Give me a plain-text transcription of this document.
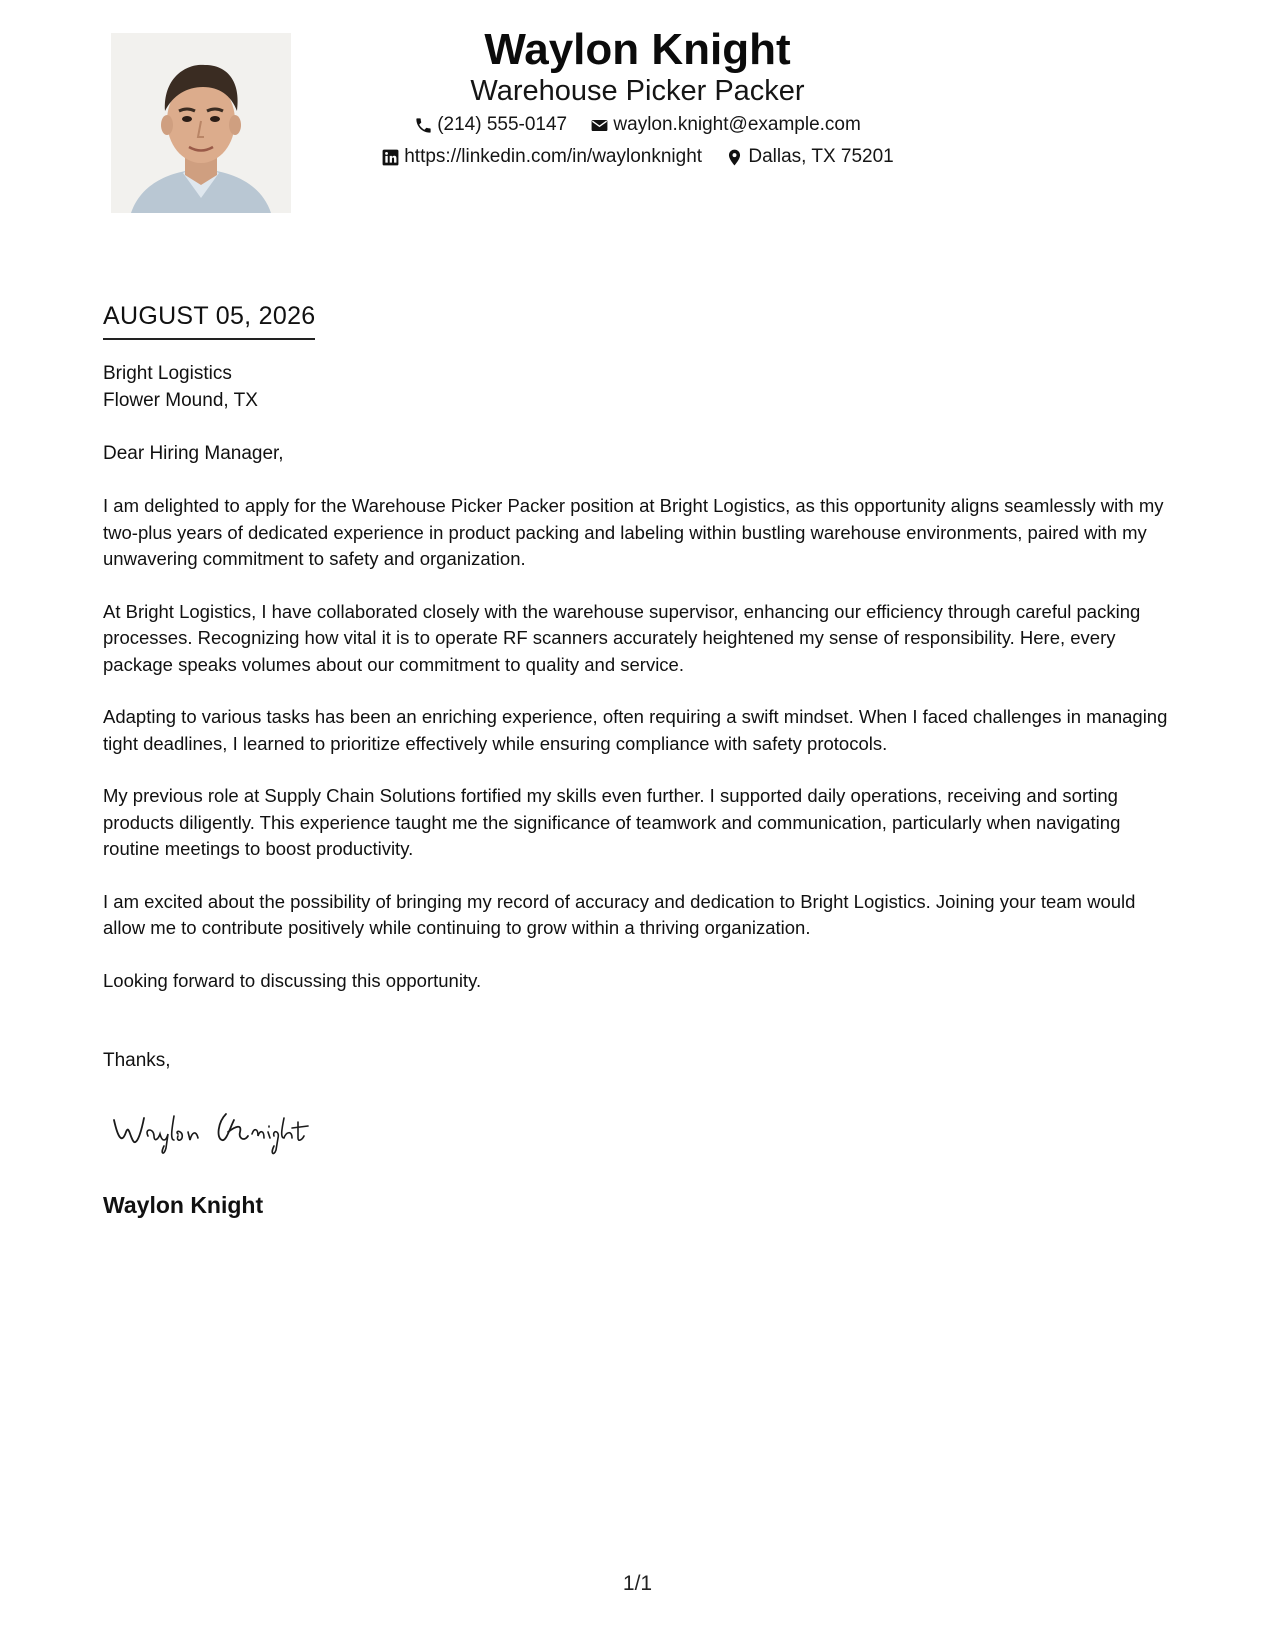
Waylon Knight
Warehouse Picker Packer
(214) 555-0147
waylon.knight@example.com
https://linkedin.com/in/waylonknight
Dallas, TX 75201
AUGUST 05, 2026
Bright Logistics
Flower Mound, TX
Dear Hiring Manager,

I am delighted to apply for the Warehouse Picker Packer position at Bright Logistics, as this opportunity aligns seamlessly with my two-plus years of dedicated experience in product packing and labeling within bustling warehouse environments, paired with my unwavering commitment to safety and organization.

At Bright Logistics, I have collaborated closely with the warehouse supervisor, enhancing our efficiency through careful packing processes. Recognizing how vital it is to operate RF scanners accurately heightened my sense of responsibility. Here, every package speaks volumes about our commitment to quality and service.

Adapting to various tasks has been an enriching experience, often requiring a swift mindset. When I faced challenges in managing tight deadlines, I learned to prioritize effectively while ensuring compliance with safety protocols.

My previous role at Supply Chain Solutions fortified my skills even further. I supported daily operations, receiving and sorting products diligently. This experience taught me the significance of teamwork and communication, particularly when navigating routine meetings to boost productivity.

I am excited about the possibility of bringing my record of accuracy and dedication to Bright Logistics. Joining your team would allow me to contribute positively while continuing to grow within a thriving organization.

Looking forward to discussing this opportunity.

Thanks,
Waylon Knight
1/1
